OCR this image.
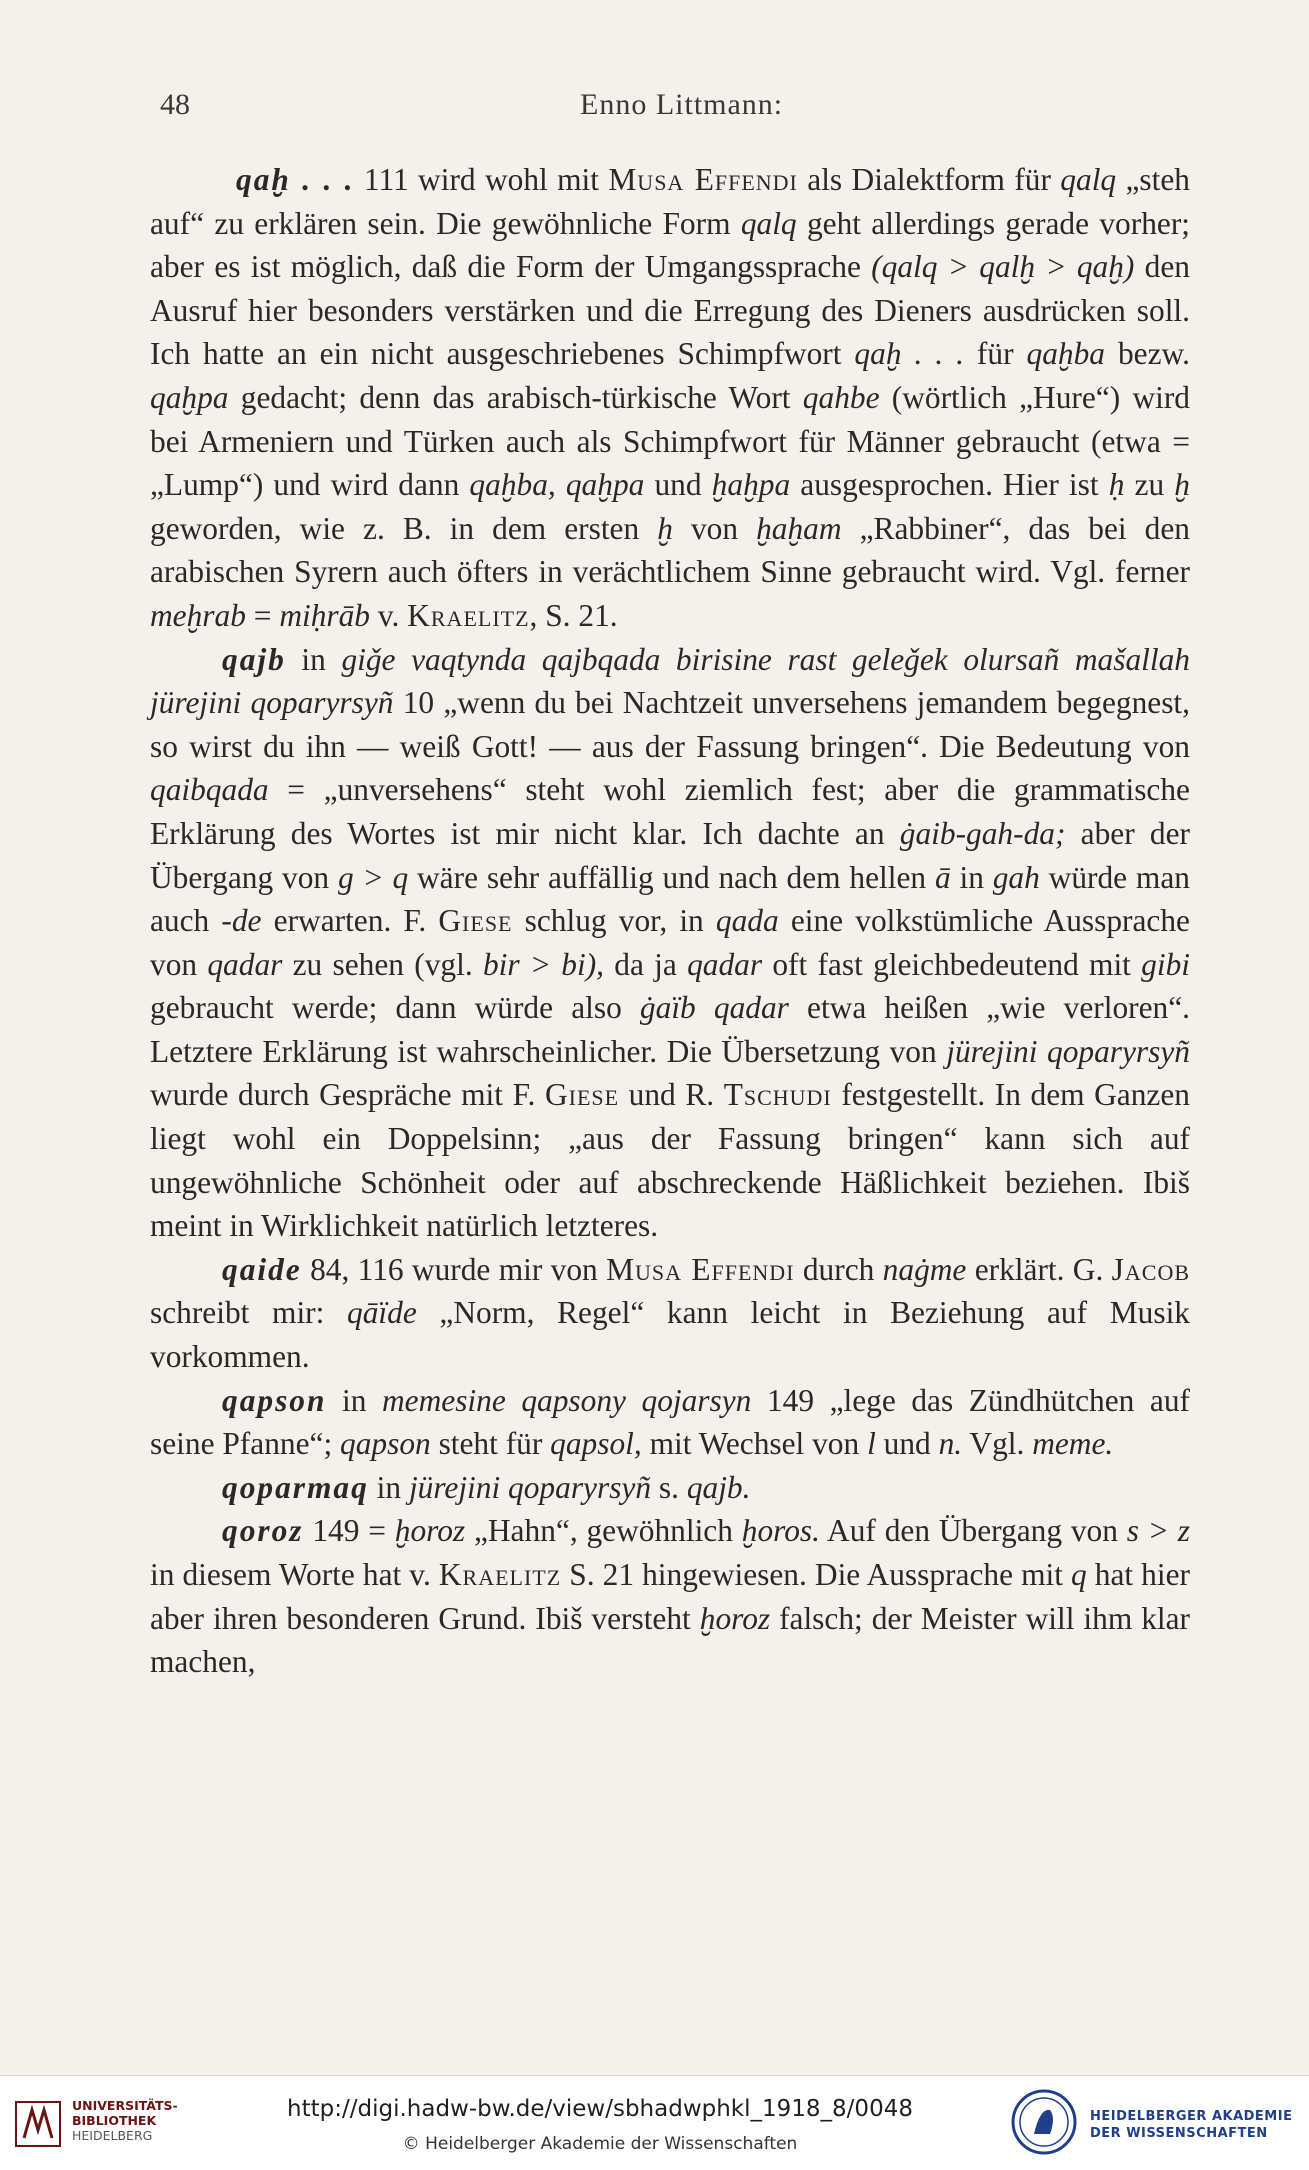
48	Enno Littmann:

qaḫ . . . 111 wird wohl mit Musa Effendi als Dialektform für qalq „steh auf“ zu erklären sein. Die gewöhnliche Form qalq geht allerdings gerade vorher; aber es ist möglich, daß die Form der Umgangssprache (qalq > qalḫ > qaḫ) den Ausruf hier besonders verstärken und die Erregung des Dieners ausdrücken soll. Ich hatte an ein nicht ausgeschriebenes Schimpfwort qaḫ . . . für qaḫba bezw. qaḫpa gedacht; denn das arabisch-türkische Wort qahbe (wörtlich „Hure“) wird bei Armeniern und Türken auch als Schimpfwort für Männer gebraucht (etwa = „Lump“) und wird dann qaḫba, qaḫpa und ḫaḫpa ausgesprochen. Hier ist ḥ zu ḫ geworden, wie z. B. in dem ersten ḫ von ḫaḫam „Rabbiner“, das bei den arabischen Syrern auch öfters in verächtlichem Sinne gebraucht wird. Vgl. ferner meḫrab = miḥrāb v. Kraelitz, S. 21.

qajb in giǧe vaqtynda qajbqada birisine rast geleǧek olursañ mašallah jürejini qoparyrsyñ 10 „wenn du bei Nachtzeit unversehens jemandem begegnest, so wirst du ihn — weiß Gott! — aus der Fassung bringen“. Die Bedeutung von qaibqada = „unversehens“ steht wohl ziemlich fest; aber die grammatische Erklärung des Wortes ist mir nicht klar. Ich dachte an ġaib-gah-da; aber der Übergang von g > q wäre sehr auffällig und nach dem hellen ā in gah würde man auch -de erwarten. F. Giese schlug vor, in qada eine volkstümliche Aussprache von qadar zu sehen (vgl. bir > bi), da ja qadar oft fast gleichbedeutend mit gibi gebraucht werde; dann würde also ġaïb qadar etwa heißen „wie verloren“. Letztere Erklärung ist wahrscheinlicher. Die Übersetzung von jürejini qoparyrsyñ wurde durch Gespräche mit F. Giese und R. Tschudi festgestellt. In dem Ganzen liegt wohl ein Doppelsinn; „aus der Fassung bringen“ kann sich auf ungewöhnliche Schönheit oder auf abschreckende Häßlichkeit beziehen. Ibiš meint in Wirklichkeit natürlich letzteres.

qaide 84, 116 wurde mir von Musa Effendi durch naġme erklärt. G. Jacob schreibt mir: qāïde „Norm, Regel“ kann leicht in Beziehung auf Musik vorkommen.

qapson in memesine qapsony qojarsyn 149 „lege das Zündhütchen auf seine Pfanne“; qapson steht für qapsol, mit Wechsel von l und n. Vgl. meme.

qoparmaq in jürejini qoparyrsyñ s. qajb.

qoroz 149 = ḫoroz „Hahn“, gewöhnlich ḫoros. Auf den Übergang von s > z in diesem Worte hat v. Kraelitz S. 21 hingewiesen. Die Aussprache mit q hat hier aber ihren besonderen Grund. Ibiš versteht ḫoroz falsch; der Meister will ihm klar machen,

UNIVERSITÄTS-
BIBLIOTHEK
HEIDELBERG
http://digi.hadw-bw.de/view/sbhadwphkl_1918_8/0048
© Heidelberger Akademie der Wissenschaften
HEIDELBERGER AKADEMIE
DER WISSENSCHAFTEN
